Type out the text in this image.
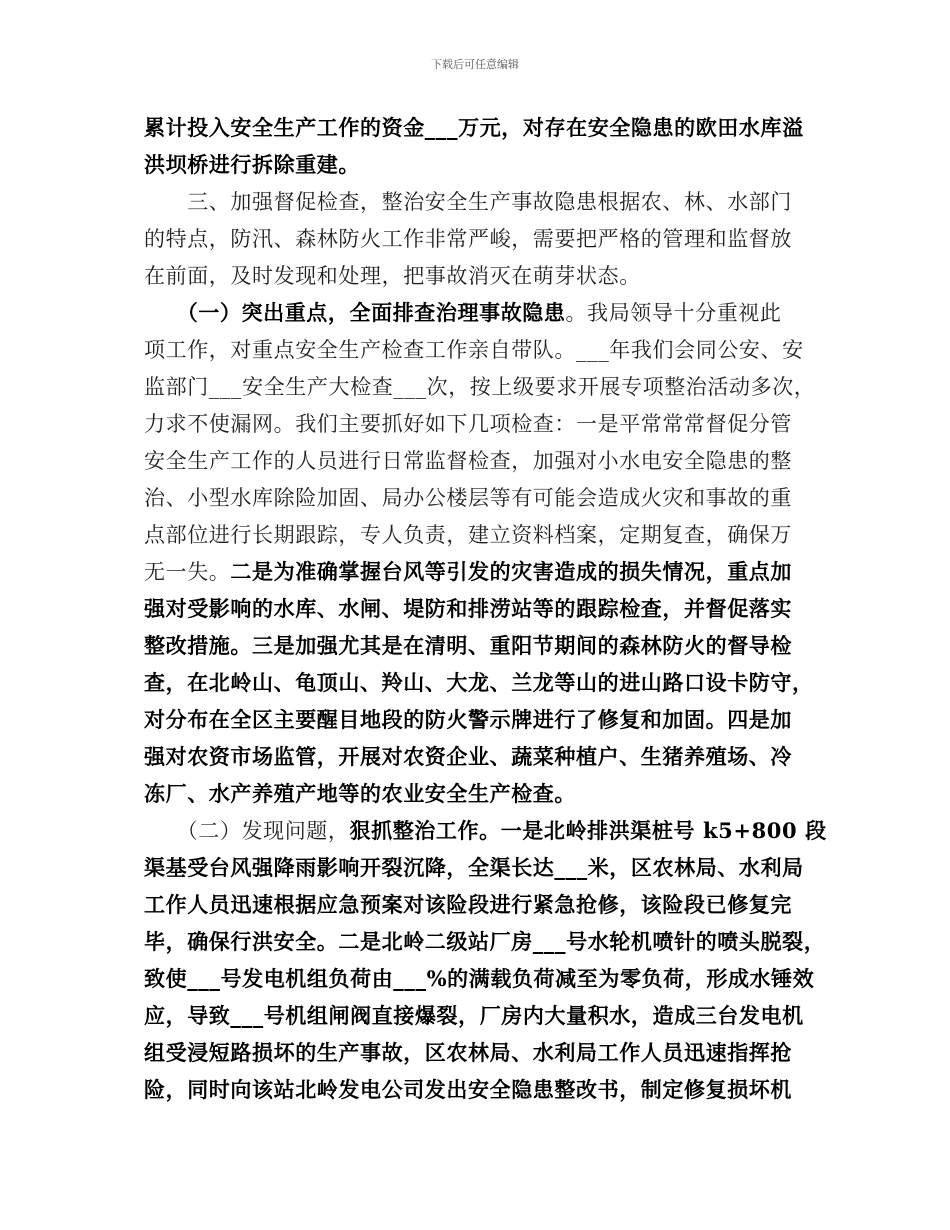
下载后可任意编辑
累计投入安全生产工作的资金___万元，对存在安全隐患的欧田水库溢
洪坝桥进行拆除重建。
　　三、加强督促检查，整治安全生产事故隐患根据农、林、水部门
的特点，防汛、森林防火工作非常严峻，需要把严格的管理和监督放
在前面，及时发现和处理，把事故消灭在萌芽状态。
　　（一）突出重点，全面排查治理事故隐患。我局领导十分重视此
项工作，对重点安全生产检查工作亲自带队。___年我们会同公安、安
监部门___安全生产大检查___次，按上级要求开展专项整治活动多次，
力求不使漏网。我们主要抓好如下几项检查：一是平常常常督促分管
安全生产工作的人员进行日常监督检查，加强对小水电安全隐患的整
治、小型水库除险加固、局办公楼层等有可能会造成火灾和事故的重
点部位进行长期跟踪，专人负责，建立资料档案，定期复查，确保万
无一失。二是为准确掌握台风等引发的灾害造成的损失情况，重点加
强对受影响的水库、水闸、堤防和排涝站等的跟踪检查，并督促落实
整改措施。三是加强尤其是在清明、重阳节期间的森林防火的督导检
查，在北岭山、龟顶山、羚山、大龙、兰龙等山的进山路口设卡防守，
对分布在全区主要醒目地段的防火警示牌进行了修复和加固。四是加
强对农资市场监管，开展对农资企业、蔬菜种植户、生猪养殖场、冷
冻厂、水产养殖产地等的农业安全生产检查。
　　（二）发现问题，狠抓整治工作。一是北岭排洪渠桩号 k5+800 段
渠基受台风强降雨影响开裂沉降，全渠长达___米，区农林局、水利局
工作人员迅速根据应急预案对该险段进行紧急抢修，该险段已修复完
毕，确保行洪安全。二是北岭二级站厂房___号水轮机喷针的喷头脱裂，
致使___号发电机组负荷由___%的满载负荷减至为零负荷，形成水锤效
应，导致___号机组闸阀直接爆裂，厂房内大量积水，造成三台发电机
组受浸短路损坏的生产事故，区农林局、水利局工作人员迅速指挥抢
险，同时向该站北岭发电公司发出安全隐患整改书，制定修复损坏机
